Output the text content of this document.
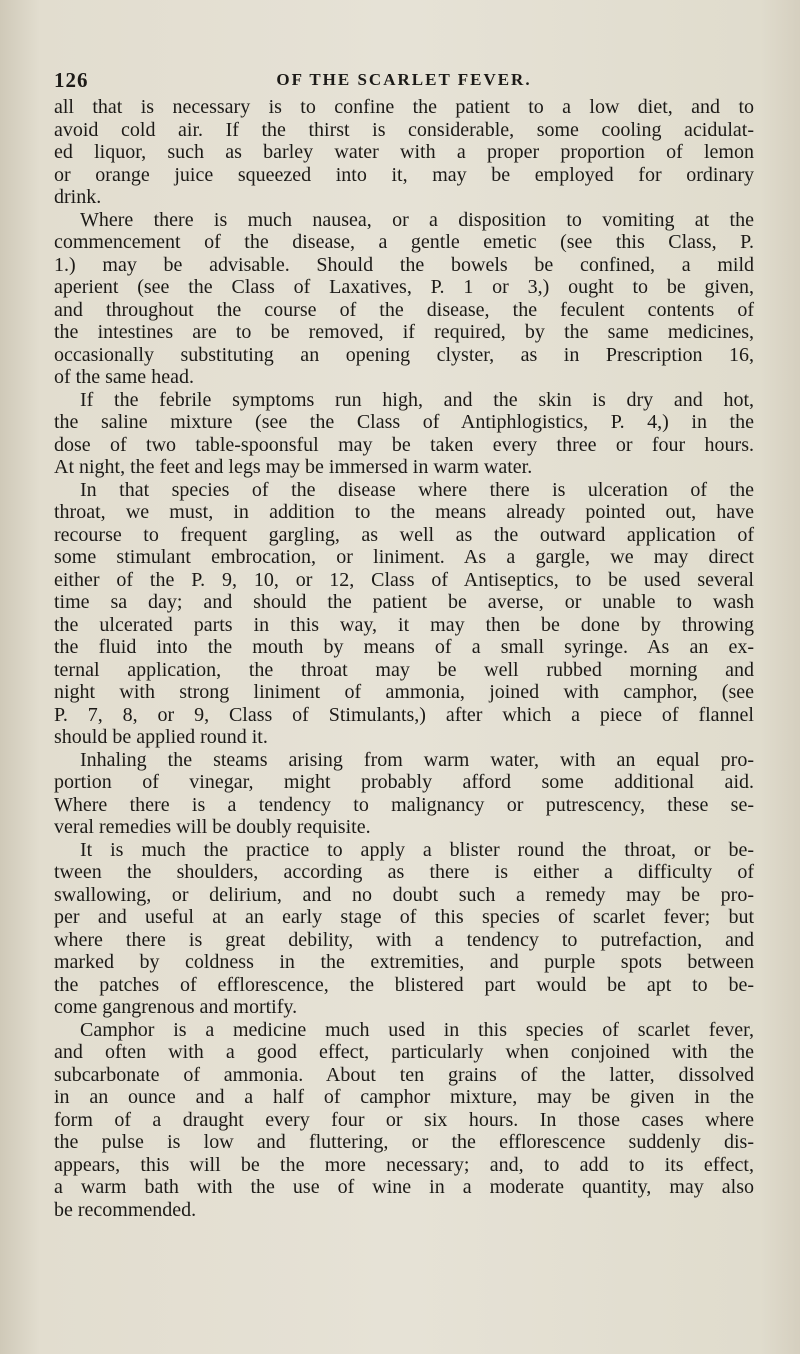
126	OF THE SCARLET FEVER.
all that is necessary is to confine the patient to a low diet, and to
avoid cold air. If the thirst is considerable, some cooling acidulat-
ed liquor, such as barley water with a proper proportion of lemon
or orange juice squeezed into it, may be employed for ordinary
drink.
Where there is much nausea, or a disposition to vomiting at the
commencement of the disease, a gentle emetic (see this Class, P.
1.) may be advisable. Should the bowels be confined, a mild
aperient (see the Class of Laxatives, P. 1 or 3,) ought to be given,
and throughout the course of the disease, the feculent contents of
the intestines are to be removed, if required, by the same medicines,
occasionally substituting an opening clyster, as in Prescription 16,
of the same head.
If the febrile symptoms run high, and the skin is dry and hot,
the saline mixture (see the Class of Antiphlogistics, P. 4,) in the
dose of two table-spoonsful may be taken every three or four hours.
At night, the feet and legs may be immersed in warm water.
In that species of the disease where there is ulceration of the
throat, we must, in addition to the means already pointed out, have
recourse to frequent gargling, as well as the outward application of
some stimulant embrocation, or liniment. As a gargle, we may direct
either of the P. 9, 10, or 12, Class of Antiseptics, to be used several
time sa day; and should the patient be averse, or unable to wash
the ulcerated parts in this way, it may then be done by throwing
the fluid into the mouth by means of a small syringe. As an ex-
ternal application, the throat may be well rubbed morning and
night with strong liniment of ammonia, joined with camphor, (see
P. 7, 8, or 9, Class of Stimulants,) after which a piece of flannel
should be applied round it.
Inhaling the steams arising from warm water, with an equal pro-
portion of vinegar, might probably afford some additional aid.
Where there is a tendency to malignancy or putrescency, these se-
veral remedies will be doubly requisite.
It is much the practice to apply a blister round the throat, or be-
tween the shoulders, according as there is either a difficulty of
swallowing, or delirium, and no doubt such a remedy may be pro-
per and useful at an early stage of this species of scarlet fever; but
where there is great debility, with a tendency to putrefaction, and
marked by coldness in the extremities, and purple spots between
the patches of efflorescence, the blistered part would be apt to be-
come gangrenous and mortify.
Camphor is a medicine much used in this species of scarlet fever,
and often with a good effect, particularly when conjoined with the
subcarbonate of ammonia. About ten grains of the latter, dissolved
in an ounce and a half of camphor mixture, may be given in the
form of a draught every four or six hours. In those cases where
the pulse is low and fluttering, or the efflorescence suddenly dis-
appears, this will be the more necessary; and, to add to its effect,
a warm bath with the use of wine in a moderate quantity, may also
be recommended.
